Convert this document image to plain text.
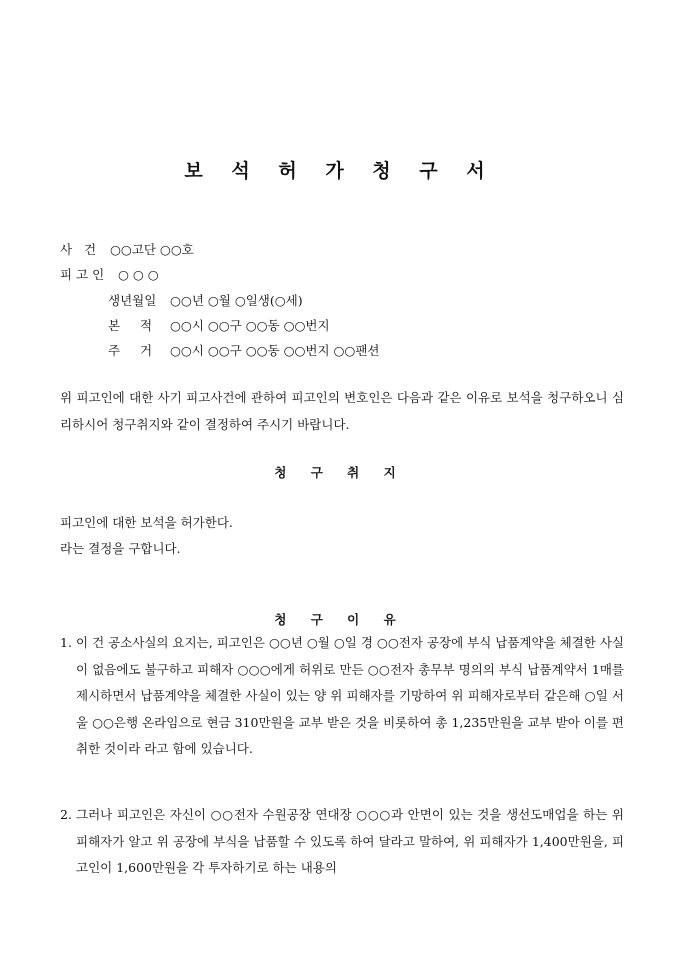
보 석 허 가 청 구 서
사   건 ○○고단 ○○호
피 고 인 ○ ○ ○
생년월일 ○○년 ○월 ○일생(○세)
본     적 ○○시 ○○구 ○○동 ○○번지
주     거 ○○시 ○○구 ○○동 ○○번지 ○○팬션
위 피고인에 대한 사기 피고사건에 관하여 피고인의 변호인은 다음과 같은 이유로 보석을 청구하오니 심리하시어 청구취지와 같이 결정하여 주시기 바랍니다.
청 구 취 지
피고인에 대한 보석을 허가한다.
라는 결정을 구합니다.
청 구 이 유
1. 이 건 공소사실의 요지는, 피고인은 ○○년 ○월 ○일 경 ○○전자 공장에 부식 납품계약을 체결한 사실이 없음에도 불구하고 피해자 ○○○에게 허위로 만든 ○○전자 총무부 명의의 부식 납품계약서 1매를 제시하면서 납품계약을 체결한 사실이 있는 양 위 피해자를 기망하여 위 피해자로부터 같은해 ○일 서울 ○○은행 온라임으로 현금 310만원을 교부 받은 것을 비롯하여 총 1,235만원을 교부 받아 이를 편취한 것이라 라고 함에 있습니다.
2. 그러나 피고인은 자신이 ○○전자 수원공장 연대장 ○○○과 안면이 있는 것을 생선도매업을 하는 위 피해자가 알고 위 공장에 부식을 납품할 수 있도록 하여 달라고 말하여, 위 피해자가 1,400만원을, 피고인이 1,600만원을 각 투자하기로 하는 내용의
